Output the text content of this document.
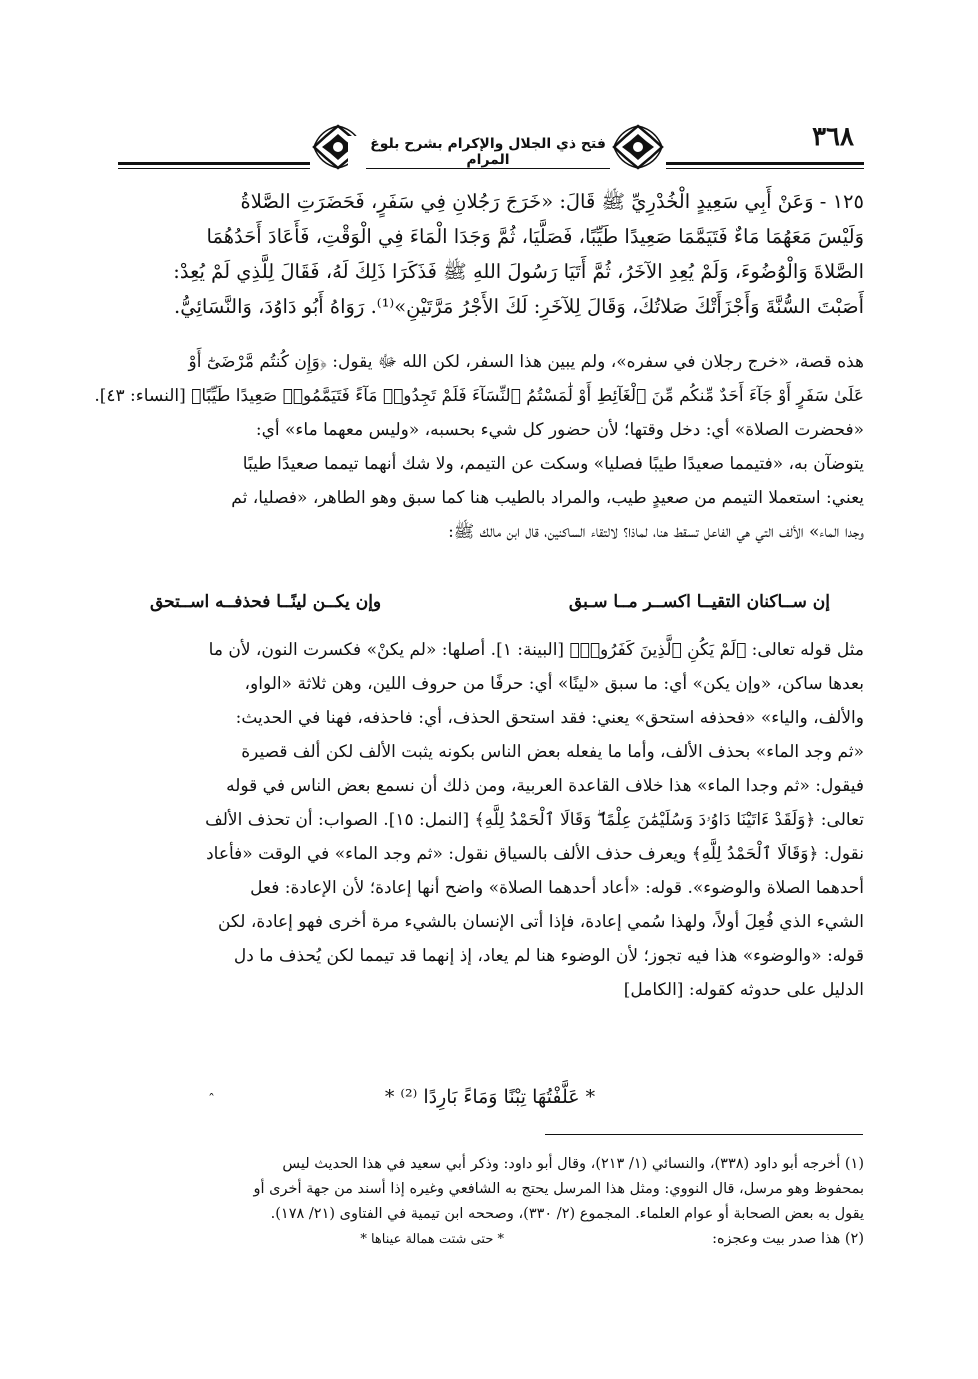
فتح ذي الجلال والإكرام بشرح بلوغ المرام
٣٦٨
١٢٥ - وَعَنْ أَبِي سَعِيدٍ الْخُدْرِيِّ ﷺ قَالَ: «خَرَجَ رَجُلانِ فِي سَفَرٍ، فَحَضَرَتِ الصَّلاةُ
وَلَيْسَ مَعَهُمَا مَاءٌ فَتَيَمَّمَا صَعِيدًا طَيِّبًا، فَصَلَّيَا، ثُمَّ وَجَدَا الْمَاءَ فِي الْوَقْتِ، فَأَعَادَ أَحَدُهُمَا
الصَّلاةَ وَالْوُضُوءَ، وَلَمْ يُعِدِ الآخَرُ، ثُمَّ أَتَيَا رَسُولَ اللهِ ﷺ فَذَكَرَا ذَلِكَ لَهُ، فَقَالَ لِلَّذِي لَمْ يُعِدْ:
أَصَبْتَ السُّنَّةَ وَأَجْزَأَتْكَ صَلاتُكَ، وَقَالَ لِلآخَرِ: لَكَ الأَجْرُ مَرَّتَيْنِ»⁽¹⁾. رَوَاهُ أَبُو دَاوُدَ، وَالنَّسَائِيُّ.
هذه قصة، «خرج رجلان في سفره»، ولم يبين هذا السفر، لكن الله ﷻ يقول: ﴿وَإِن كُنتُم مَّرْضَىٰٓ أَوْ
عَلَىٰ سَفَرٍ أَوْ جَآءَ أَحَدٌ مِّنكُم مِّنَ ٱلْغَآئِطِ أَوْ لَٰمَسْتُمُ ٱلنِّسَآءَ فَلَمْ تَجِدُوا۟ مَآءً فَتَيَمَّمُوا۟ صَعِيدًا طَيِّبًا﴾ [النساء: ٤٣].
«فحضرت الصلاة» أي: دخل وقتها؛ لأن حضور كل شيء بحسبه، «وليس معهما ماء» أي:
يتوضآن به، «فتيمما صعيدًا طيبًا فصليا» وسكت عن التيمم، ولا شك أنهما تيمما صعيدًا طيبًا
يعني: استعملا التيمم من صعيدٍ طيب، والمراد بالطيب هنا كما سبق وهو الطاهر، «فصليا، ثم
وجدا الماء» الألف التي هي الفاعل تسقط هنا، لماذا؟ لالتقاء الساكنين، قال ابن مالك ﷺ:
إن ســاكنان التقيــا اكســر مــا سـبق
وإن يكــن لينًــا فحذفــه اســتحق
مثل قوله تعالى: ﴿لَمْ يَكُنِ ٱلَّذِينَ كَفَرُوا۟﴾ [البينة: ١]. أصلها: «لم يكنْ» فكسرت النون، لأن ما
بعدها ساكن، «وإن يكن» أي: ما سبق «لينًا» أي: حرفًا من حروف اللين، وهن ثلاثة «الواو،
والألف، والياء» «فحذفه استحق» يعني: فقد استحق الحذف، أي: فاحذفه، فهنا في الحديث:
«ثم وجد الماء» بحذف الألف، وأما ما يفعله بعض الناس بكونه يثبت الألف لكن ألف قصيرة
فيقول: «ثم وجدا الماء» هذا خلاف القاعدة العربية، ومن ذلك أن نسمع بعض الناس في قوله
تعالى: ﴿وَلَقَدْ ءَاتَيْنَا دَاوُۥدَ وَسُلَيْمَٰنَ عِلْمًا ۖ وَقَالَا ٱلْحَمْدُ لِلَّهِ﴾ [النمل: ١٥]. الصواب: أن تحذف الألف
نقول: ﴿وَقَالَا ٱلْحَمْدُ لِلَّهِ﴾ ويعرف حذف الألف بالسياق نقول: «ثم وجد الماء» في الوقت «فأعاد
أحدهما الصلاة والوضوء». قوله: «أعاد أحدهما الصلاة» واضح أنها إعادة؛ لأن الإعادة: فعل
الشيء الذي فُعِلَ أولاً، ولهذا سُمي إعادة، فإذا أتى الإنسان بالشيء مرة أخرى فهو إعادة، لكن
قوله: «والوضوء» هذا فيه تجوز؛ لأن الوضوء هنا لم يعاد، إذ إنهما قد تيمما لكن يُحذف ما دل
الدليل على حدوثه كقوله: [الكامل]
* عَلَّفْتُهَا تِبْنًا وَمَاءً بَارِدًا ⁽²⁾ *
ˆ
(١) أخرجه أبو داود (٣٣٨)، والنسائي (١/ ٢١٣)، وقال أبو داود: وذكر أبي سعيد في هذا الحديث ليس
بمحفوظ وهو مرسل، قال النووي: ومثل هذا المرسل يحتج به الشافعي وغيره إذا أسند من جهة أخرى أو
يقول به بعض الصحابة أو عوام العلماء. المجموع (٢/ ٣٣٠)، وصححه ابن تيمية في الفتاوى (٢١/ ١٧٨).
(٢) هذا صدر بيت وعجزه:
* حتى شتت همالة عيناها *
